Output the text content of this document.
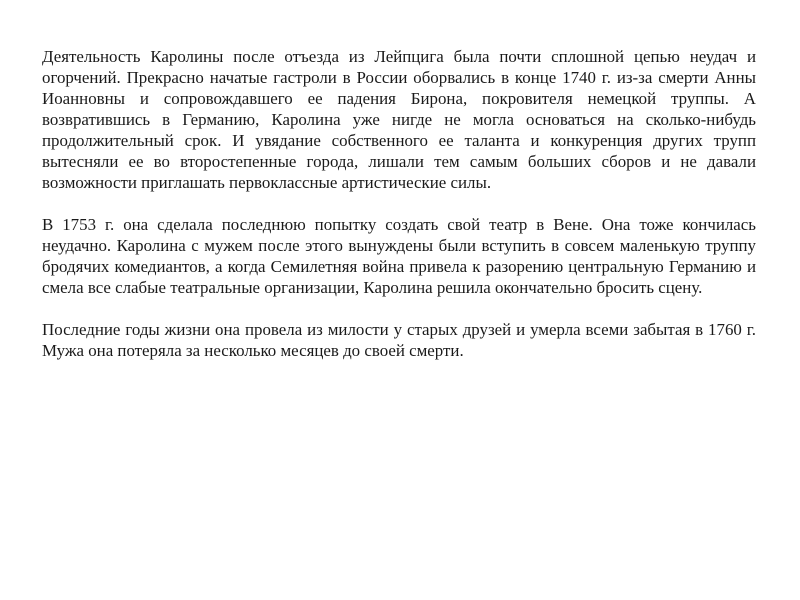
Деятельность Каролины после отъезда из Лейпцига была почти сплошной цепью неудач и огорчений. Прекрасно начатые гастроли в России оборвались в конце 1740 г. из-за смерти Анны Иоанновны и сопровождавшего ее падения Бирона, покровителя немецкой труппы. А возвратившись в Германию, Каролина уже нигде не могла основаться на сколько-нибудь продолжительный срок. И увядание собственного ее таланта и конкуренция других трупп вытесняли ее во второстепенные города, лишали тем самым больших сборов и не давали возможности приглашать первоклассные артистические силы.

В 1753 г. она сделала последнюю попытку создать свой театр в Вене. Она тоже кончилась неудачно. Каролина с мужем после этого вынуждены были вступить в совсем маленькую труппу бродячих комедиантов, а когда Семилетняя война привела к разорению центральную Германию и смела все слабые театральные организации, Каролина решила окончательно бросить сцену.

Последние годы жизни она провела из милости у старых друзей и умерла всеми забытая в 1760 г. Мужа она потеряла за несколько месяцев до своей смерти.
